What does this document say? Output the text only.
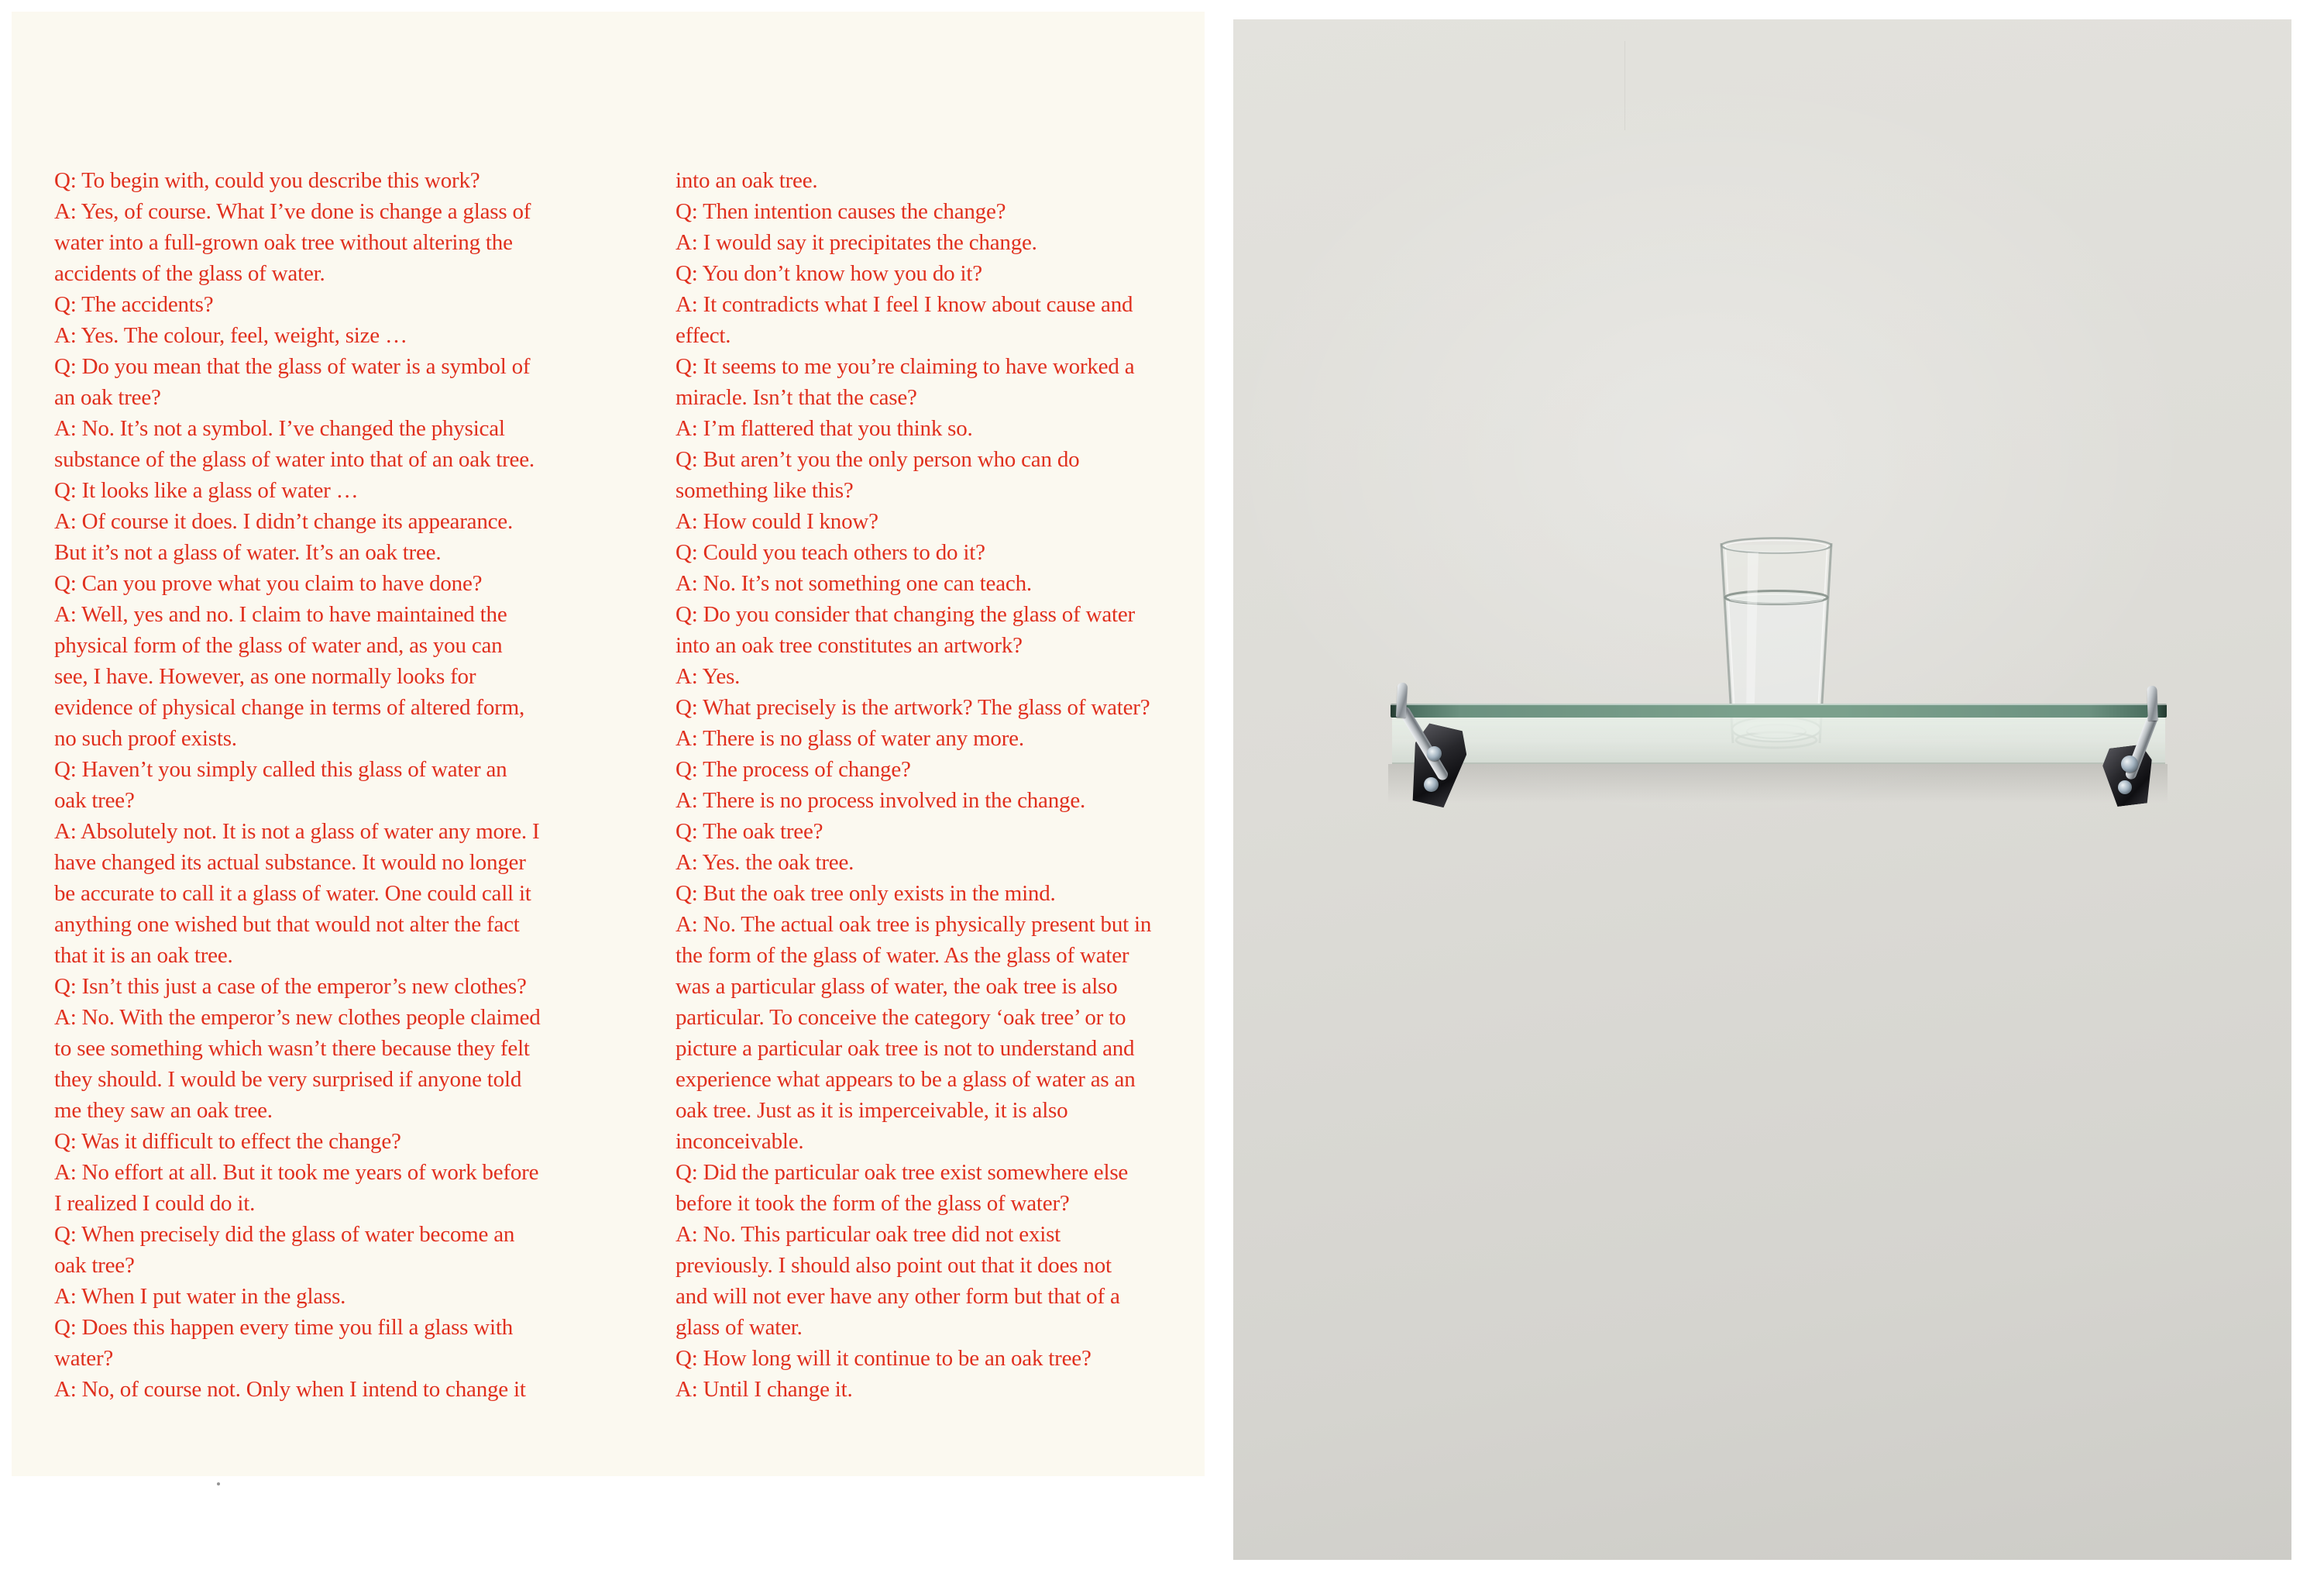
Q: To begin with, could you describe this work?
A: Yes, of course. What I’ve done is change a glass of
water into a full-grown oak tree without altering the
accidents of the glass of water.
Q: The accidents?
A: Yes. The colour, feel, weight, size …
Q: Do you mean that the glass of water is a symbol of
an oak tree?
A: No. It’s not a symbol. I’ve changed the physical
substance of the glass of water into that of an oak tree.
Q: It looks like a glass of water …
A: Of course it does. I didn’t change its appearance.
But it’s not a glass of water. It’s an oak tree.
Q: Can you prove what you claim to have done?
A: Well, yes and no. I claim to have maintained the
physical form of the glass of water and, as you can
see, I have. However, as one normally looks for
evidence of physical change in terms of altered form,
no such proof exists.
Q: Haven’t you simply called this glass of water an
oak tree?
A: Absolutely not. It is not a glass of water any more. I
have changed its actual substance. It would no longer
be accurate to call it a glass of water. One could call it
anything one wished but that would not alter the fact
that it is an oak tree.
Q: Isn’t this just a case of the emperor’s new clothes?
A: No. With the emperor’s new clothes people claimed
to see something which wasn’t there because they felt
they should. I would be very surprised if anyone told
me they saw an oak tree.
Q: Was it difficult to effect the change?
A: No effort at all. But it took me years of work before
I realized I could do it.
Q: When precisely did the glass of water become an
oak tree?
A: When I put water in the glass.
Q: Does this happen every time you fill a glass with
water?
A: No, of course not. Only when I intend to change it
into an oak tree.
Q: Then intention causes the change?
A: I would say it precipitates the change.
Q: You don’t know how you do it?
A: It contradicts what I feel I know about cause and
effect.
Q: It seems to me you’re claiming to have worked a
miracle. Isn’t that the case?
A: I’m flattered that you think so.
Q: But aren’t you the only person who can do
something like this?
A: How could I know?
Q: Could you teach others to do it?
A: No. It’s not something one can teach.
Q: Do you consider that changing the glass of water
into an oak tree constitutes an artwork?
A: Yes.
Q: What precisely is the artwork? The glass of water?
A: There is no glass of water any more.
Q: The process of change?
A: There is no process involved in the change.
Q: The oak tree?
A: Yes. the oak tree.
Q: But the oak tree only exists in the mind.
A: No. The actual oak tree is physically present but in
the form of the glass of water. As the glass of water
was a particular glass of water, the oak tree is also
particular. To conceive the category ‘oak tree’ or to
picture a particular oak tree is not to understand and
experience what appears to be a glass of water as an
oak tree. Just as it is imperceivable, it is also
inconceivable.
Q: Did the particular oak tree exist somewhere else
before it took the form of the glass of water?
A: No. This particular oak tree did not exist
previously. I should also point out that it does not
and will not ever have any other form but that of a
glass of water.
Q: How long will it continue to be an oak tree?
A: Until I change it.
